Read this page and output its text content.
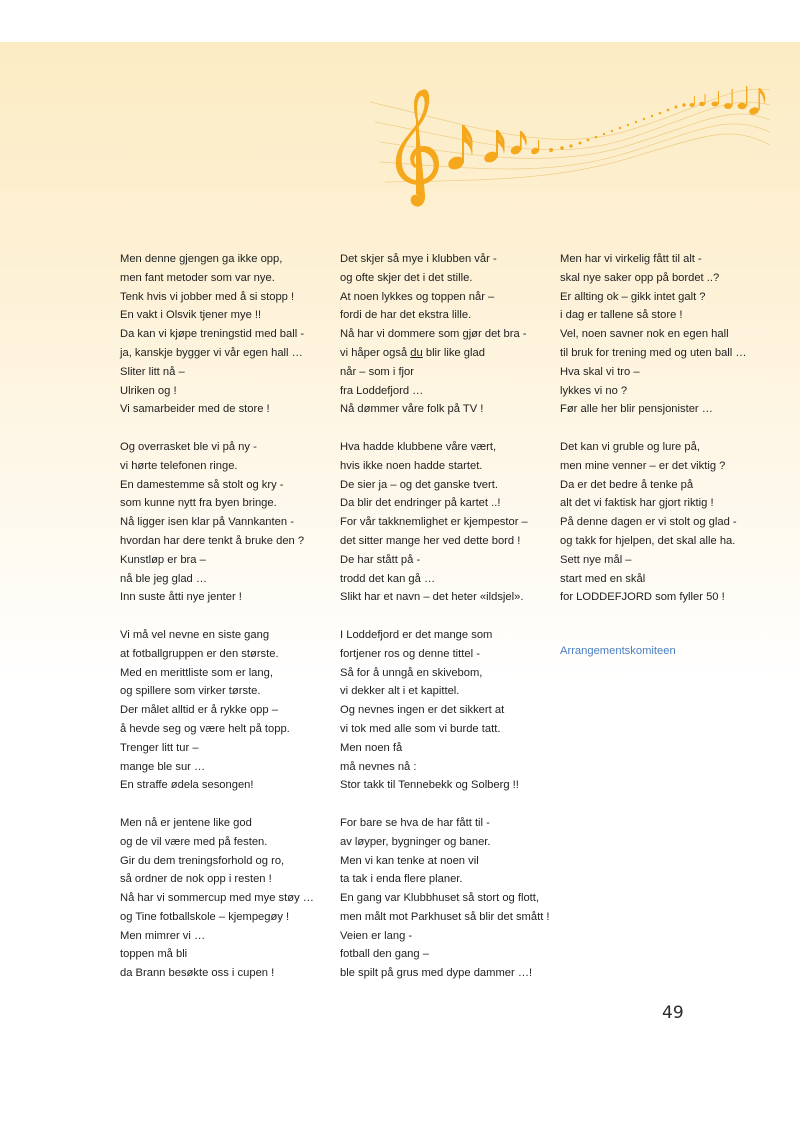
Men denne gjengen ga ikke opp,
men fant metoder som var nye.
Tenk hvis vi jobber med å si stopp !
En vakt i Olsvik tjener mye !!
Da kan vi kjøpe treningstid med ball -
ja, kanskje bygger vi vår egen hall …
Sliter litt nå –
Ulriken og !
Vi samarbeider med de store !
Og overrasket ble vi på ny -
vi hørte telefonen ringe.
En damestemme så stolt og kry -
som kunne nytt fra byen bringe.
Nå ligger isen klar på Vannkanten -
hvordan har dere tenkt å bruke den ?
Kunstløp er bra –
nå ble jeg glad …
Inn suste åtti nye jenter !
Vi må vel nevne en siste gang
at fotballgruppen er den største.
Med en merittliste som er lang,
og spillere som virker tørste.
Der målet alltid er å rykke opp –
å hevde seg og være helt på topp.
Trenger litt tur –
mange ble sur …
En straffe ødela sesongen!
Men nå er jentene like god
og de vil være med på festen.
Gir du dem treningsforhold og ro,
så ordner de nok opp i resten !
Nå har vi sommercup med mye støy …
og Tine fotballskole – kjempegøy !
Men mimrer vi …
toppen må bli
da Brann besøkte oss i cupen !
Det skjer så mye i klubben vår -
og ofte skjer det i det stille.
At noen lykkes og toppen når –
fordi de har det ekstra lille.
Nå har vi dommere som gjør det bra -
vi håper også du blir like glad
når – som i fjor
fra Loddefjord …
Nå dømmer våre folk på TV !
Hva hadde klubbene våre vært,
hvis ikke noen hadde startet.
De sier ja – og det ganske tvert.
Da blir det endringer på kartet ..!
For vår takknemlighet er kjempestor –
det sitter mange her ved dette bord !
De har stått på -
trodd det kan gå …
Slikt har et navn – det heter «ildsjel».
I Loddefjord er det mange som
fortjener ros og denne tittel -
Så for å unngå en skivebom,
vi dekker alt i et kapittel.
Og nevnes ingen er det sikkert at
vi tok med alle som vi burde tatt.
Men noen få
må nevnes nå :
Stor takk til Tennebekk og Solberg !!
For bare se hva de har fått til -
av løyper, bygninger og baner.
Men vi kan tenke at noen vil
ta tak i enda flere planer.
En gang var Klubbhuset så stort og flott,
men målt mot Parkhuset så blir det smått !
Veien er lang -
fotball den gang –
ble spilt på grus med dype dammer …!
Men har vi virkelig fått til alt -
skal nye saker opp på bordet ..?
Er allting ok – gikk intet galt ?
i dag er tallene så store !
Vel, noen savner nok en egen hall
til bruk for trening med og uten ball …
Hva skal vi tro –
lykkes vi no ?
Før alle her blir pensjonister …
Det kan vi gruble og lure på,
men mine venner – er det viktig ?
Da er det bedre å tenke på
alt det vi faktisk har gjort riktig !
På denne dagen er vi stolt og glad -
og takk for hjelpen, det skal alle ha.
Sett nye mål –
start med en skål
for LODDEFJORD som fyller 50 !
Arrangementskomiteen
49
